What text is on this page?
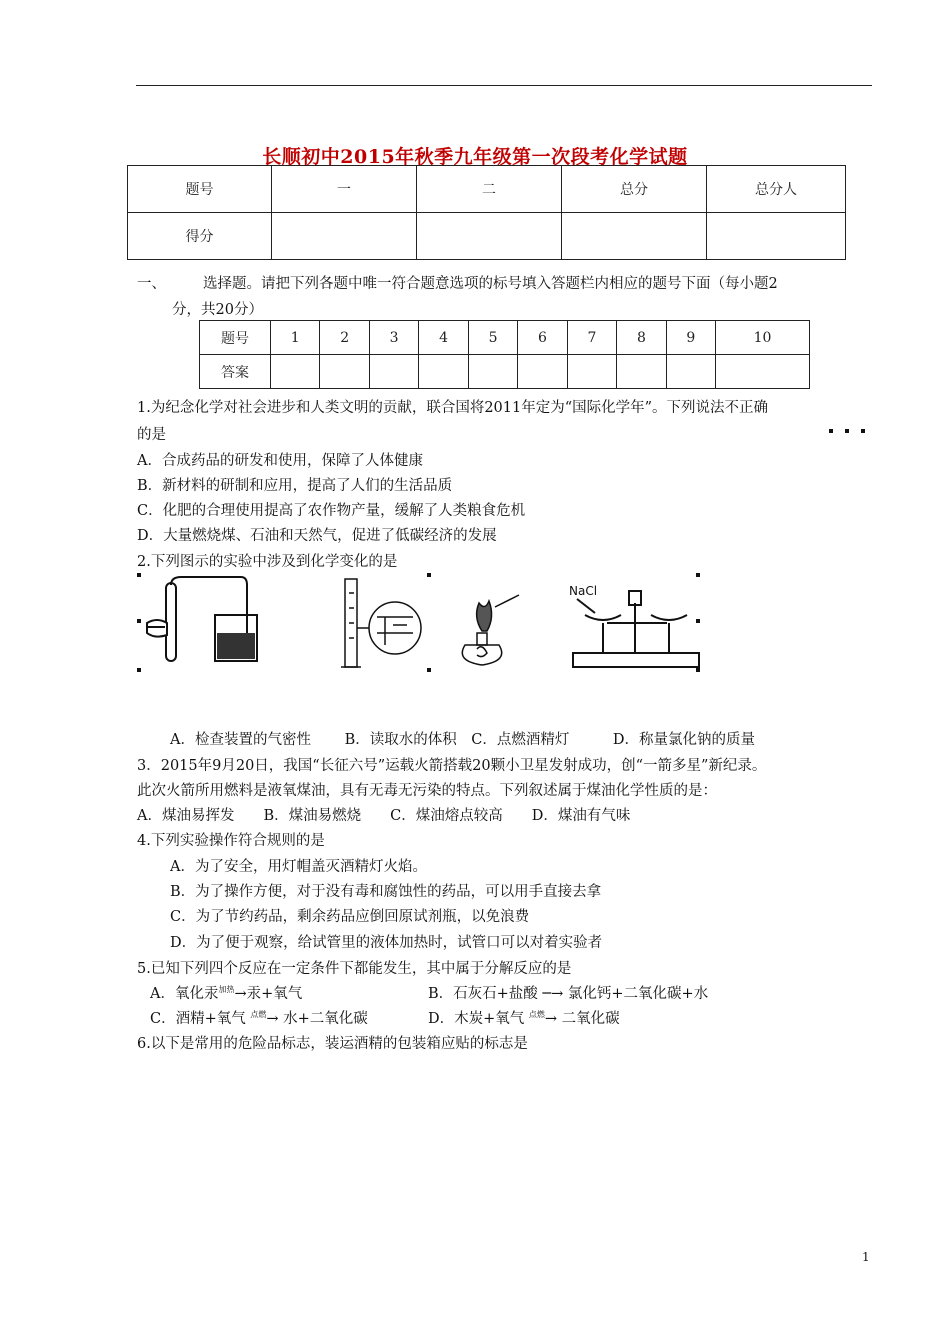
长顺初中2015年秋季九年级第一次段考化学试题
题号	一	二	总分	总分人
得分				
一、	选择题。请把下列各题中唯一符合题意选项的标号填入答题栏内相应的题号下面（每小题2
分，共20分）
题号	1	2	3	4	5	6	7	8	9	10
答案										
1.为纪念化学对社会进步和人类文明的贡献，联合国将2011年定为“国际化学年”。下列说法不正确
的是
A．合成药品的研发和使用，保障了人体健康
B．新材料的研制和应用，提高了人们的生活品质
C．化肥的合理使用提高了农作物产量，缓解了人类粮食危机
D．大量燃烧煤、石油和天然气，促进了低碳经济的发展
2.下列图示的实验中涉及到化学变化的是
NaCl
A．检查装置的气密性　　 B．读取水的体积　C．点燃酒精灯　　　D．称量氯化钠的质量
3．2015年9月20日，我国“长征六号”运载火箭搭载20颗小卫星发射成功，创“一箭多星”新纪录。
此次火箭所用燃料是液氧煤油，具有无毒无污染的特点。下列叙述属于煤油化学性质的是：
A．煤油易挥发　　B．煤油易燃烧　　C．煤油熔点较高　　D．煤油有气味
4.下列实验操作符合规则的是
A．为了安全，用灯帽盖灭酒精灯火焰。
B．为了操作方便，对于没有毒和腐蚀性的药品，可以用手直接去拿
C．为了节约药品，剩余药品应倒回原试剂瓶，以免浪费
D．为了便于观察，给试管里的液体加热时，试管口可以对着实验者
5.已知下列四个反应在一定条件下都能发生，其中属于分解反应的是
A．氧化汞$^{加热}$→汞+氧气	B．石灰石+盐酸 ─→ 氯化钙+二氧化碳+水
C．酒精+氧气 $^{点燃}$→ 水+二氧化碳	D．木炭+氧气 $^{点燃}$→ 二氧化碳
6.以下是常用的危险品标志，装运酒精的包装箱应贴的标志是
1
